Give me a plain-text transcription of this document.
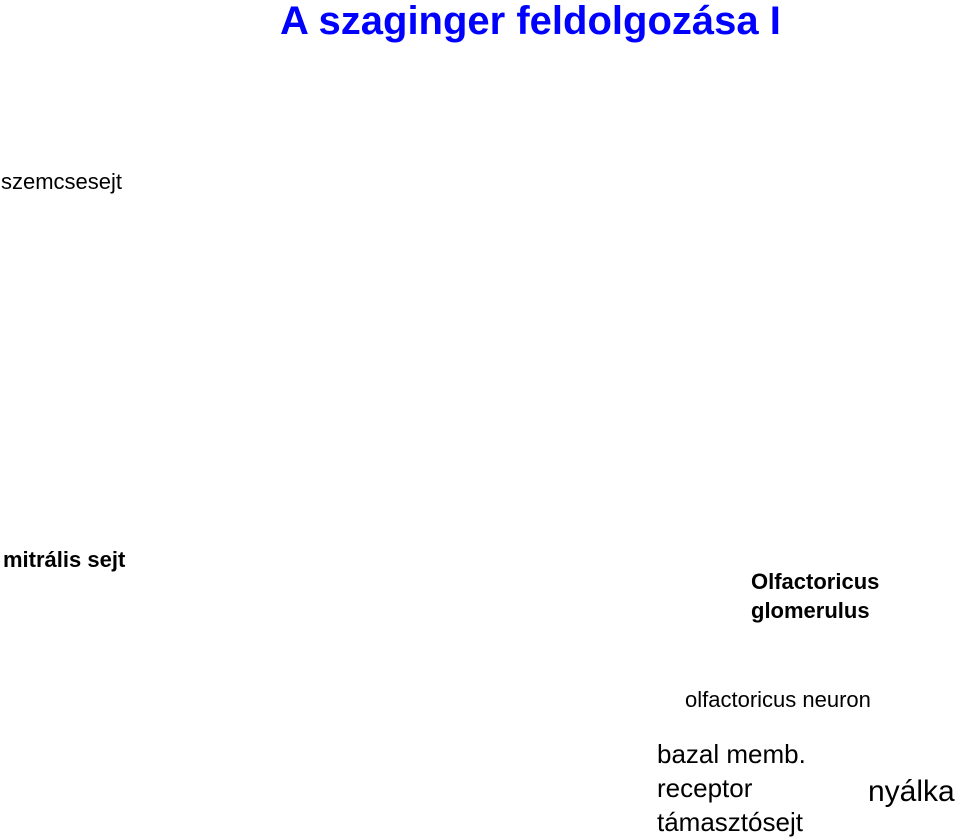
A szaginger feldolgozása I
szemcsesejt
mitrális sejt
Olfactoricus
glomerulus
olfactoricus neuron
bazal memb.
receptor	nyálka
támasztósejt
